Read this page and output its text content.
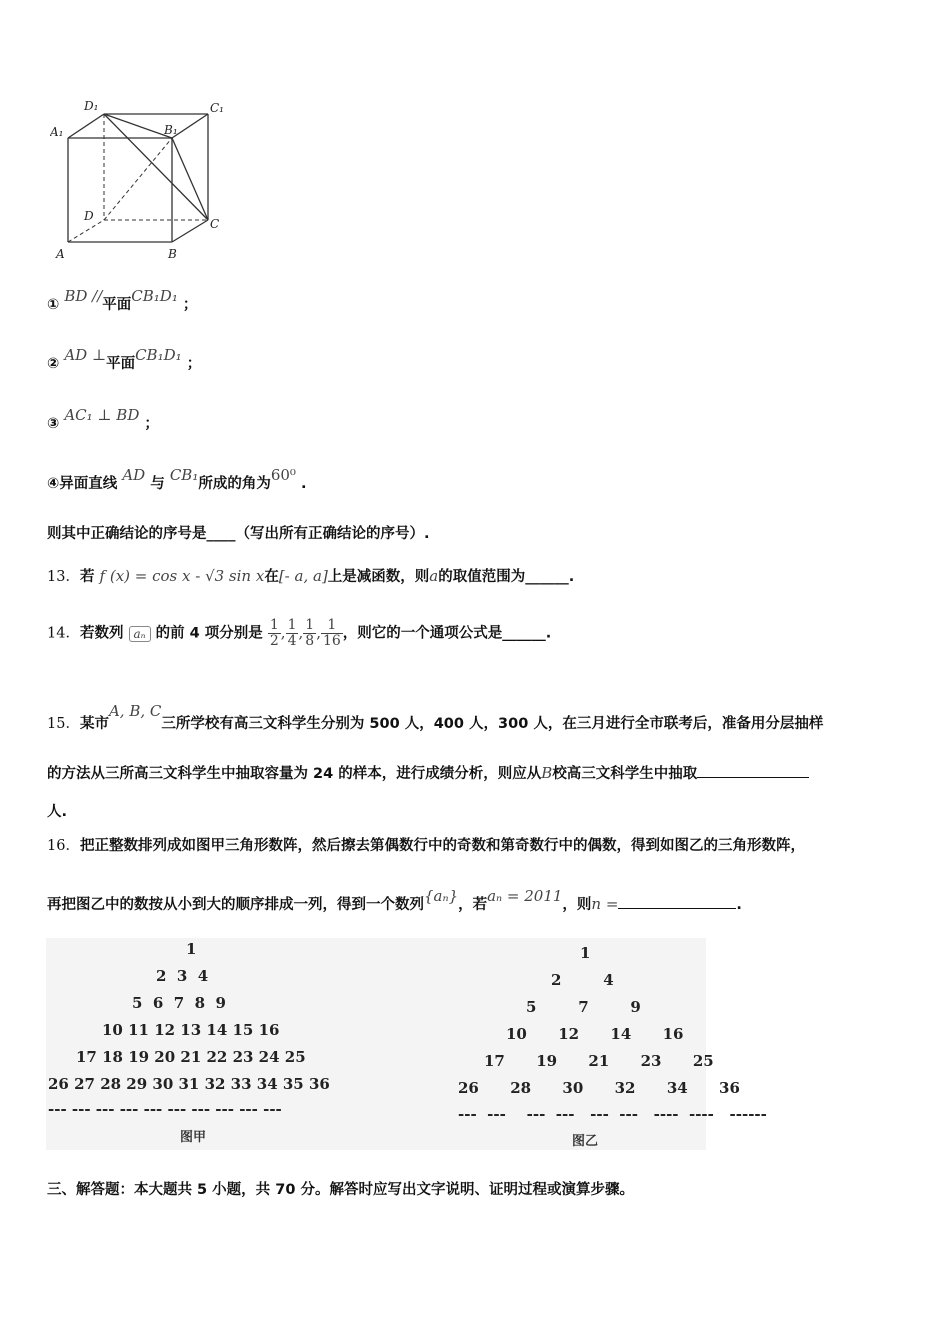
D₁	C₁
A₁	B₁
D
C
A	B
① BD //平面CB₁D₁ ；
② AD ⊥平面CB₁D₁ ；
③ AC₁ ⊥ BD ；
④异面直线 AD 与 CB₁所成的角为60⁰ .
则其中正确结论的序号是____（写出所有正确结论的序号）.
13．若 f (x) = cos x - √3 sin x在[- a, a]上是减函数，则a的取值范围为______.
14．若数列 aₙ 的前 4 项分别是 $\frac{1}{2}$ , $\frac{1}{4}$ , $\frac{1}{8}$ , $\frac{1}{16}$ ，则它的一个通项公式是______.
15．某市A, B, C三所学校有高三文科学生分别为 500 人，400 人，300 人，在三月进行全市联考后，准备用分层抽样
的方法从三所高三文科学生中抽取容量为 24 的样本，进行成绩分析，则应从B校高三文科学生中抽取
人.
16．把正整数排列成如图甲三角形数阵，然后擦去第偶数行中的奇数和第奇数行中的偶数，得到如图乙的三角形数阵，
再把图乙中的数按从小到大的顺序排成一列，得到一个数列{aₙ}，若aₙ = 2011，则n =	.

1

2  3  4

5  6  7  8  9

10 11 12 13 14 15 16

17 18 19 20 21 22 23 24 25

26 27 28 29 30 31 32 33 34 35 36

--- --- --- --- --- --- --- --- --- ---

图甲

1

2        4

5        7        9

10      12      14      16

17      19      21      23      25

26      28      30      32      34      36

---  ---    ---  ---   ---  ---   ----  ----   ------

图乙
三、解答题：本大题共 5 小题，共 70 分。解答时应写出文字说明、证明过程或演算步骤。
